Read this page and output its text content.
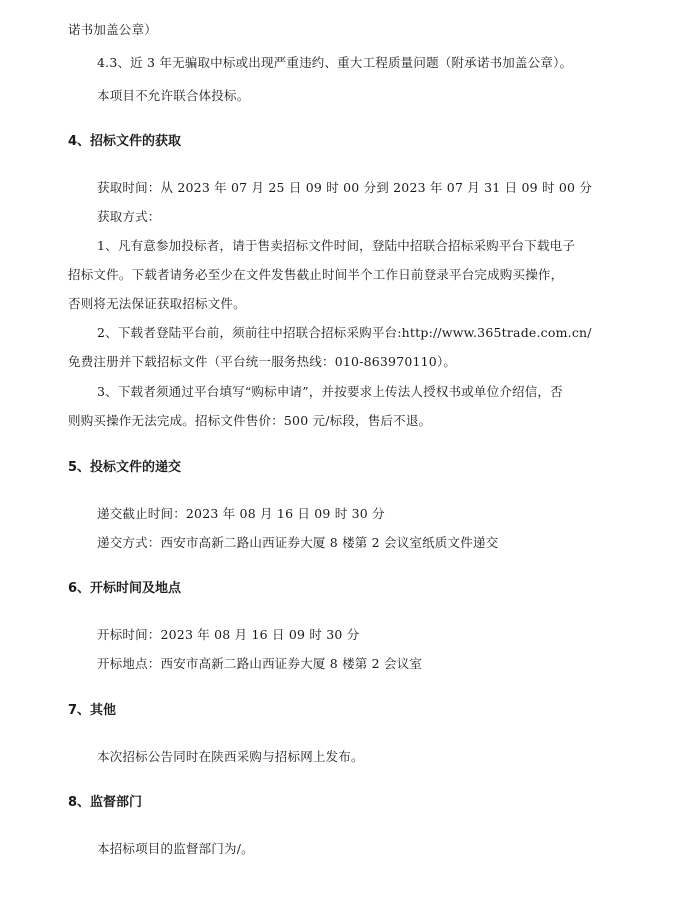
诺书加盖公章）
4.3、近 3 年无骗取中标或出现严重违约、重大工程质量问题（附承诺书加盖公章）。
本项目不允许联合体投标。
4、招标文件的获取
获取时间：从 2023 年 07 月 25 日 09 时 00 分到 2023 年 07 月 31 日 09 时 00 分
获取方式：
1、凡有意参加投标者，请于售卖招标文件时间，登陆中招联合招标采购平台下载电子
招标文件。下载者请务必至少在文件发售截止时间半个工作日前登录平台完成购买操作，
否则将无法保证获取招标文件。
2、下载者登陆平台前，须前往中招联合招标采购平台:http://www.365trade.com.cn/
免费注册并下载招标文件（平台统一服务热线：010-863970110）。
3、下载者须通过平台填写“购标申请”，并按要求上传法人授权书或单位介绍信，否
则购买操作无法完成。招标文件售价：500 元/标段，售后不退。
5、投标文件的递交
递交截止时间：2023 年 08 月 16 日 09 时 30 分
递交方式：西安市高新二路山西证券大厦 8 楼第 2 会议室纸质文件递交
6、开标时间及地点
开标时间：2023 年 08 月 16 日 09 时 30 分
开标地点：西安市高新二路山西证券大厦 8 楼第 2 会议室
7、其他
本次招标公告同时在陕西采购与招标网上发布。
8、监督部门
本招标项目的监督部门为/。
